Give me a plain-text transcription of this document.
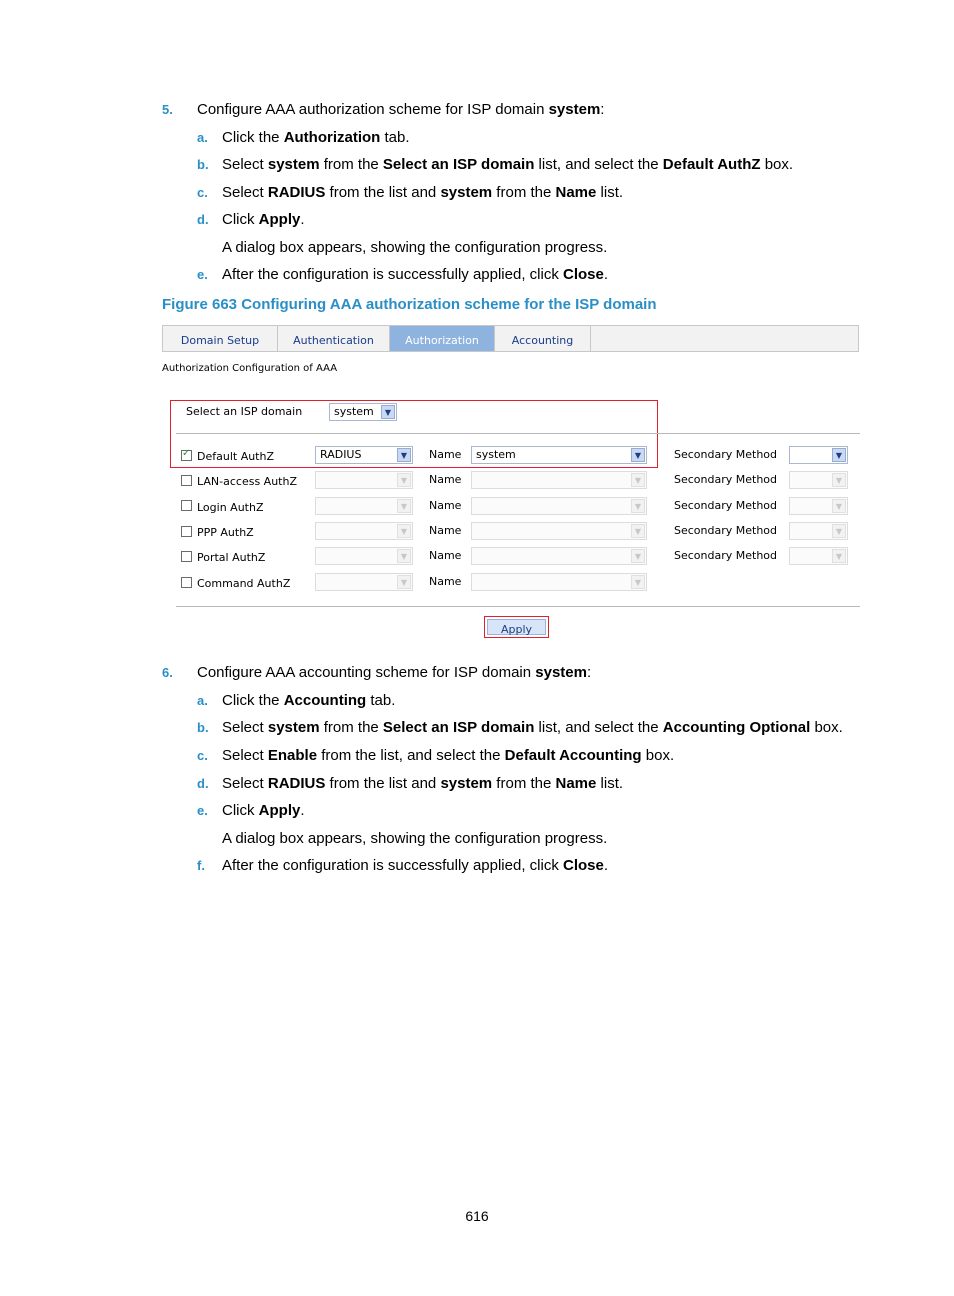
5. Configure AAA authorization scheme for ISP domain system:
a. Click the Authorization tab.
b. Select system from the Select an ISP domain list, and select the Default AuthZ box.
c. Select RADIUS from the list and system from the Name list.
d. Click Apply.
A dialog box appears, showing the configuration progress.
e. After the configuration is successfully applied, click Close.
Figure 663 Configuring AAA authorization scheme for the ISP domain
Domain Setup	Authentication	Authorization	Accounting
Authorization Configuration of AAA
Select an ISP domain	system	▼
✓
Default AuthZ	RADIUS	▼	Name system	▼	Secondary Method	▼
LAN-access AuthZ	▼	Name	▼	Secondary Method	▼
Login AuthZ	▼	Name	▼	Secondary Method	▼
PPP AuthZ	▼	Name	▼	Secondary Method	▼
Portal AuthZ	▼	Name	▼	Secondary Method	▼
Command AuthZ	▼	Name	▼
Apply
6. Configure AAA accounting scheme for ISP domain system:
a. Click the Accounting tab.
b. Select system from the Select an ISP domain list, and select the Accounting Optional box.
c. Select Enable from the list, and select the Default Accounting box.
d. Select RADIUS from the list and system from the Name list.
e. Click Apply.
A dialog box appears, showing the configuration progress.
f. After the configuration is successfully applied, click Close.
616
